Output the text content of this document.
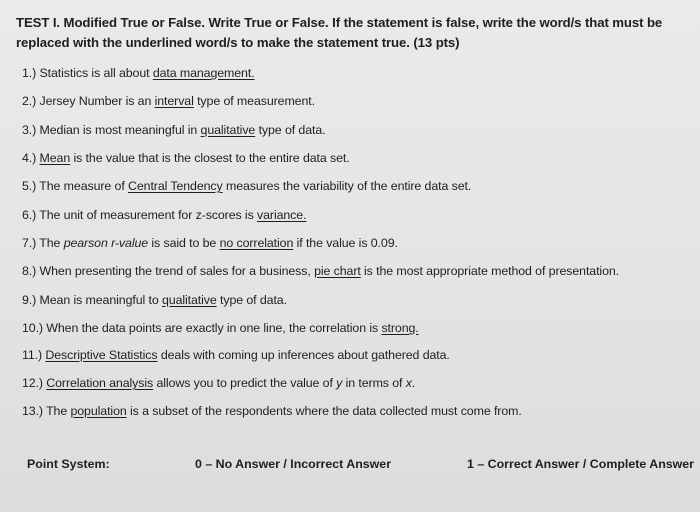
TEST I. Modified True or False. Write True or False. If the statement is false, write the word/s that must be replaced with the underlined word/s to make the statement true. (13 pts)
1.) Statistics is all about data management.
2.) Jersey Number is an interval type of measurement.
3.) Median is most meaningful in qualitative type of data.
4.) Mean is the value that is the closest to the entire data set.
5.) The measure of Central Tendency measures the variability of the entire data set.
6.) The unit of measurement for z-scores is variance.
7.) The pearson r-value is said to be no correlation if the value is 0.09.
8.) When presenting the trend of sales for a business, pie chart is the most appropriate method of presentation.
9.) Mean is meaningful to qualitative type of data.
10.) When the data points are exactly in one line, the correlation is strong.
11.) Descriptive Statistics deals with coming up inferences about gathered data.
12.) Correlation analysis allows you to predict the value of y in terms of x.
13.) The population is a subset of the respondents where the data collected must come from.
Point System:	0 – No Answer / Incorrect Answer	1 – Correct Answer / Complete Answer
